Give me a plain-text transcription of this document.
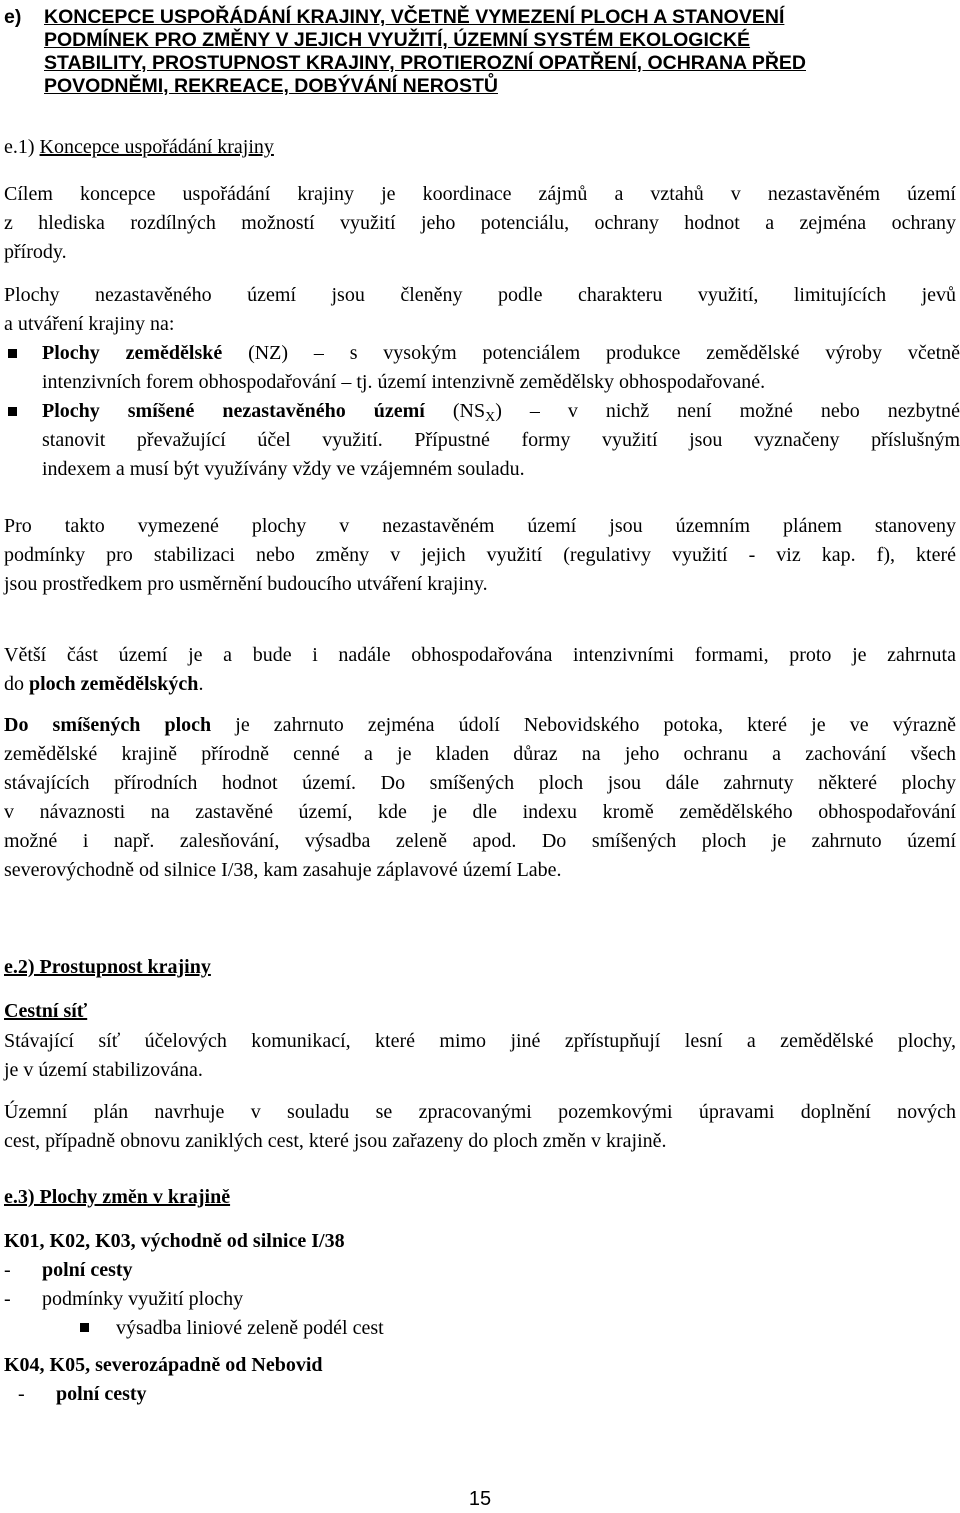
e) KONCEPCE USPOŘÁDÁNÍ KRAJINY, VČETNĚ VYMEZENÍ PLOCH A STANOVENÍ
PODMÍNEK PRO ZMĚNY V JEJICH VYUŽITÍ, ÚZEMNÍ SYSTÉM EKOLOGICKÉ
STABILITY, PROSTUPNOST KRAJINY, PROTIEROZNÍ OPATŘENÍ, OCHRANA PŘED
POVODNĚMI, REKREACE, DOBÝVÁNÍ NEROSTŮ
e.1) Koncepce uspořádání krajiny
Cílem koncepce uspořádání krajiny je koordinace zájmů a vztahů v nezastavěném území
z hlediska rozdílných možností využití jeho potenciálu, ochrany hodnot a zejména ochrany
přírody.
Plochy nezastavěného území jsou členěny podle charakteru využití, limitujících jevů
a utváření krajiny na:
Plochy zemědělské (NZ) – s vysokým potenciálem produkce zemědělské výroby včetně
intenzivních forem obhospodařování – tj. území intenzivně zemědělsky obhospodařované.
Plochy smíšené nezastavěného území $(NS_X)$ – v nichž není možné nebo nezbytné
stanovit převažující účel využití. Přípustné formy využití jsou vyznačeny příslušným
indexem a musí být využívány vždy ve vzájemném souladu.
Pro takto vymezené plochy v nezastavěném území jsou územním plánem stanoveny
podmínky pro stabilizaci nebo změny v jejich využití (regulativy využití - viz kap. f), které
jsou prostředkem pro usměrnění budoucího utváření krajiny.
Větší část území je a bude i nadále obhospodařována intenzivními formami, proto je zahrnuta
do ploch zemědělských.
Do smíšených ploch je zahrnuto zejména údolí Nebovidského potoka, které je ve výrazně
zemědělské krajině přírodně cenné a je kladen důraz na jeho ochranu a zachování všech
stávajících přírodních hodnot území. Do smíšených ploch jsou dále zahrnuty některé plochy
v návaznosti na zastavěné území, kde je dle indexu kromě zemědělského obhospodařování
možné i např. zalesňování, výsadba zeleně apod. Do smíšených ploch je zahrnuto území
severovýchodně od silnice I/38, kam zasahuje záplavové území Labe.
e.2) Prostupnost krajiny
Cestní síť
Stávající síť účelových komunikací, které mimo jiné zpřístupňují lesní a zemědělské plochy,
je v území stabilizována.
Územní plán navrhuje v souladu se zpracovanými pozemkovými úpravami doplnění nových
cest, případně obnovu zaniklých cest, které jsou zařazeny do ploch změn v krajině.
e.3) Plochy změn v krajině
K01, K02, K03, východně od silnice I/38
- polní cesty
- podmínky využití plochy
výsadba liniové zeleně podél cest
K04, K05, severozápadně od Nebovid
- polní cesty
15
